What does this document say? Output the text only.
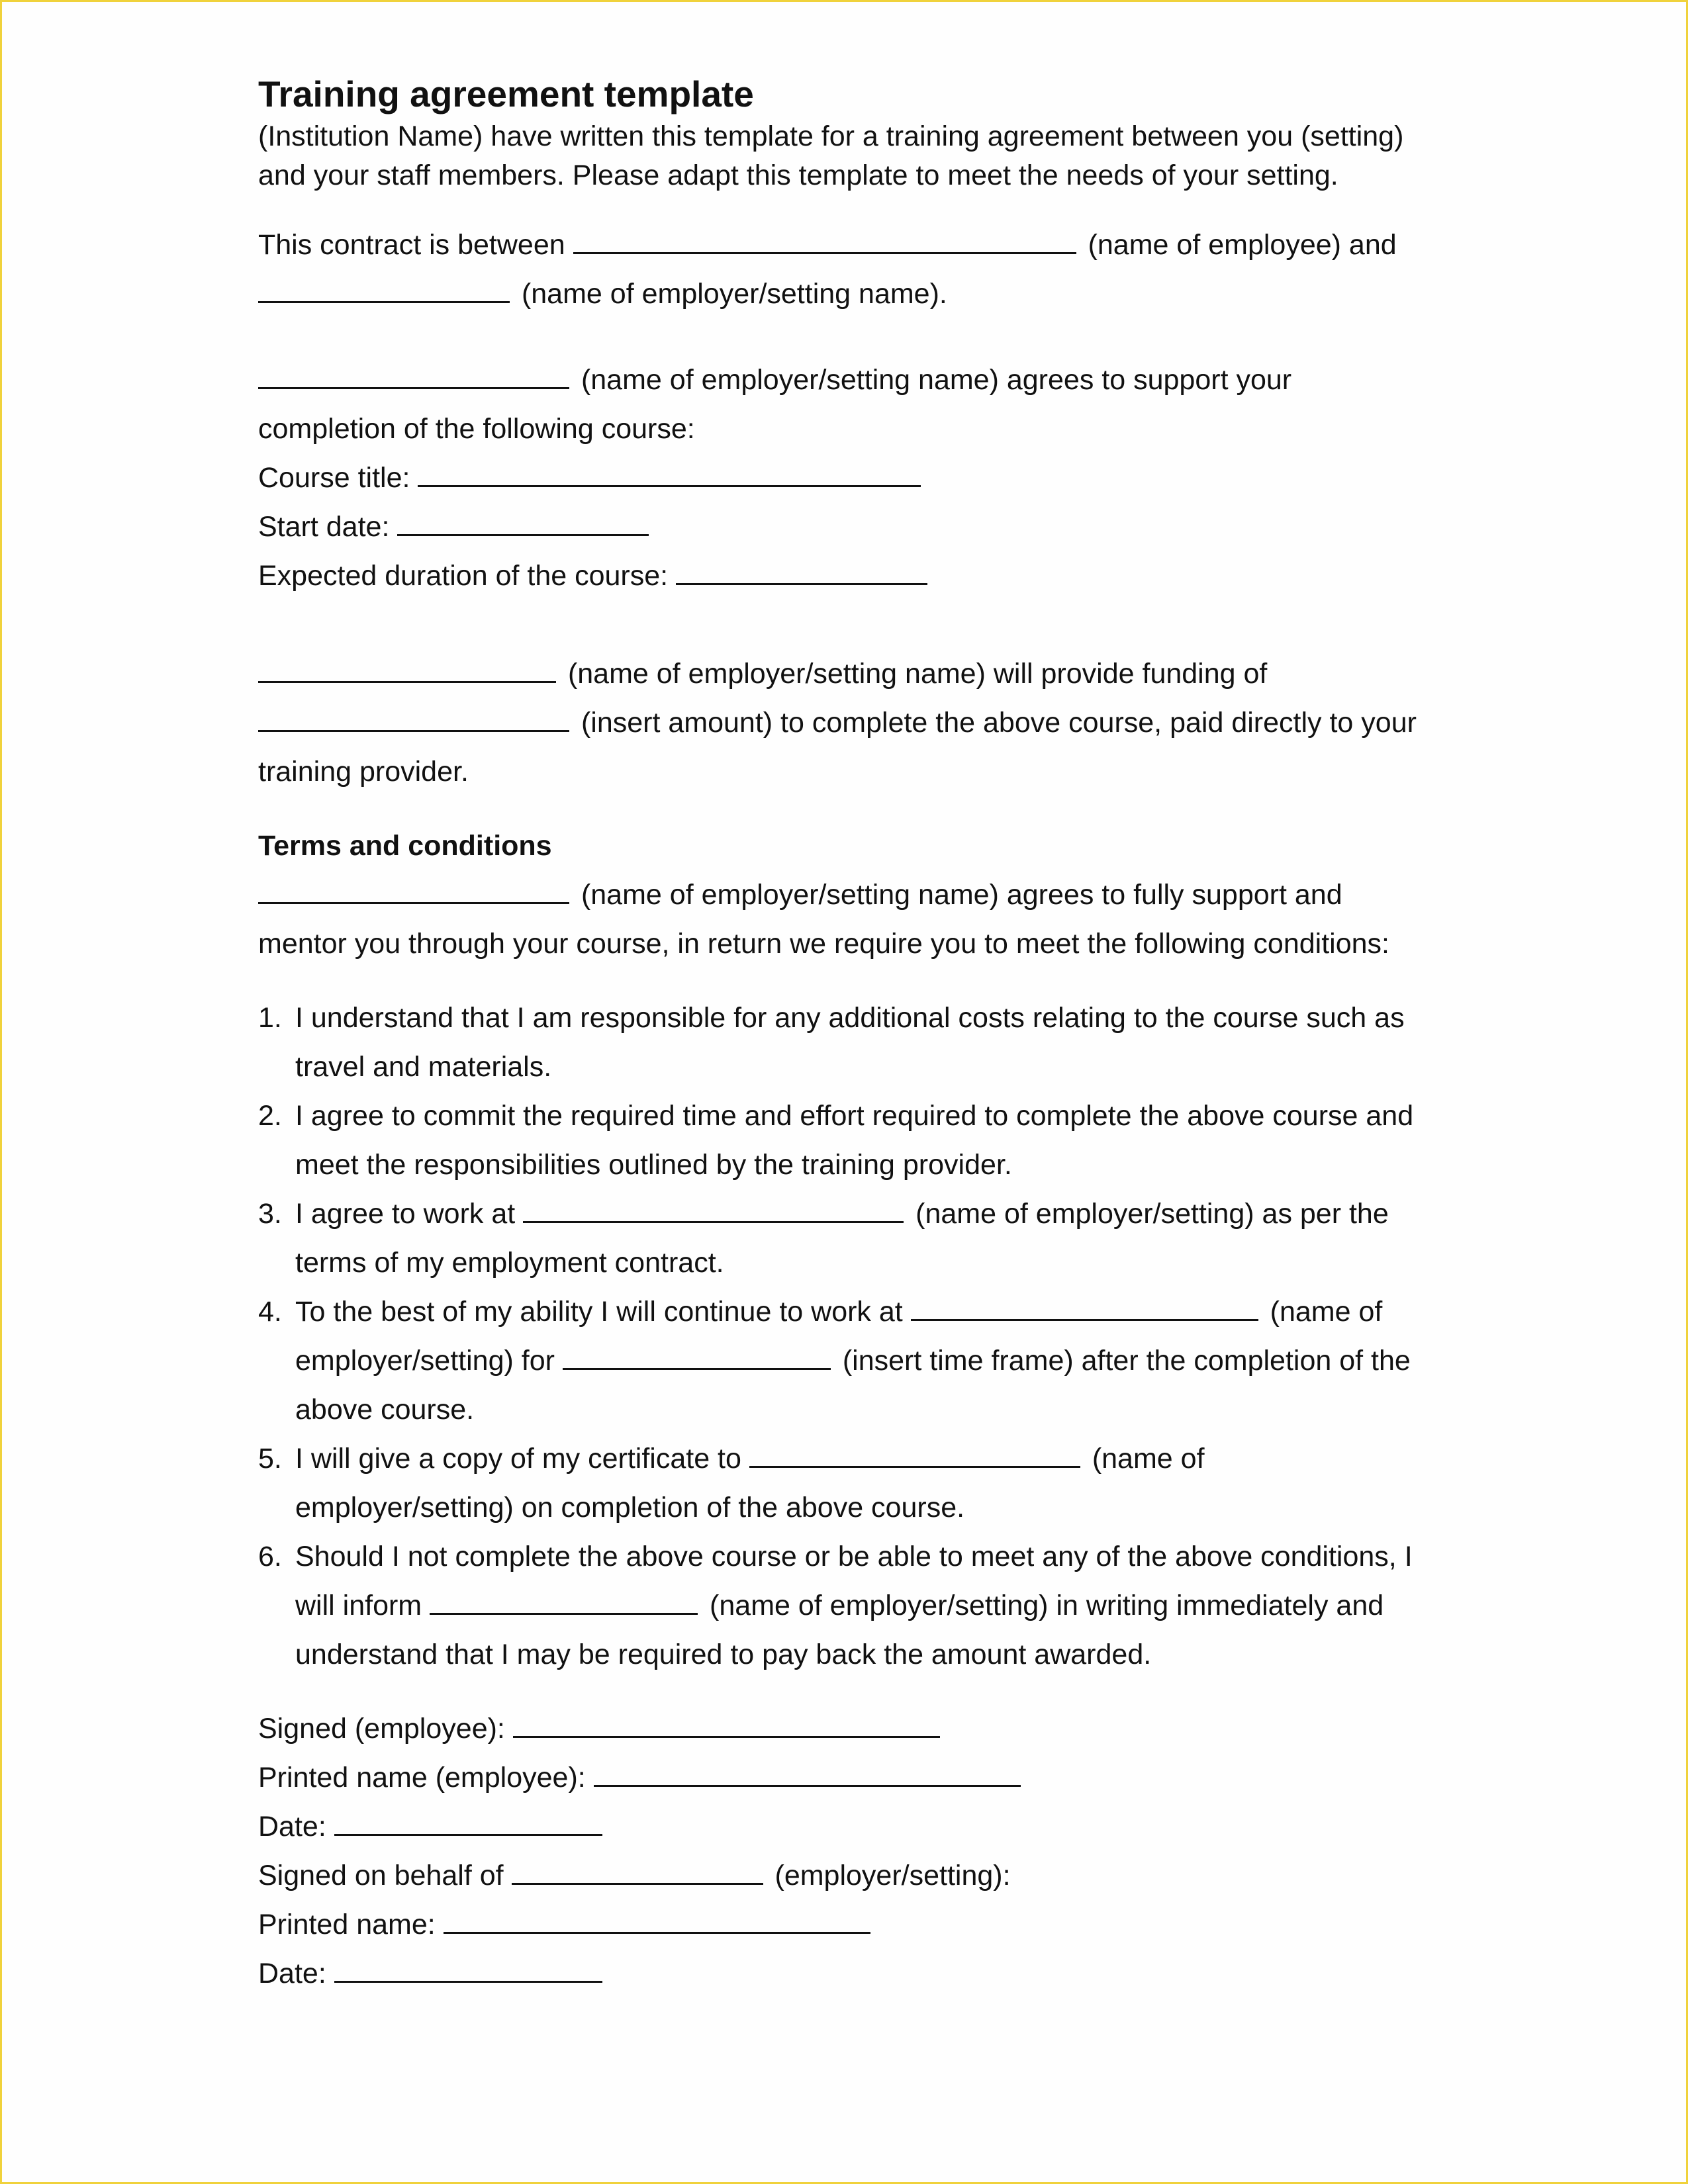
Training agreement template

(Institution Name) have written this template for a training agreement between you (setting)

and your staff members. Please adapt this template to meet the needs of your setting.

This contract is between	(name of employee) and
(name of employer/setting name).
(name of employer/setting name) agrees to support your
completion of the following course:
Course title:
Start date:
Expected duration of the course:
(name of employer/setting name) will provide funding of
(insert amount) to complete the above course, paid directly to your
training provider.
Terms and conditions
(name of employer/setting name) agrees to fully support and
mentor you through your course, in return we require you to meet the following conditions:
1. I understand that I am responsible for any additional costs relating to the course such as
travel and materials.
2. I agree to commit the required time and effort required to complete the above course and
meet the responsibilities outlined by the training provider.
3. I agree to work at	(name of employer/setting) as per the
terms of my employment contract.
4. To the best of my ability I will continue to work at	(name of
employer/setting) for	(insert time frame) after the completion of the
above course.
5. I will give a copy of my certificate to	(name of
employer/setting) on completion of the above course.
6. Should I not complete the above course or be able to meet any of the above conditions, I
will inform	(name of employer/setting) in writing immediately and
understand that I may be required to pay back the amount awarded.
Signed (employee):
Printed name (employee):
Date:
Signed on behalf of	(employer/setting):
Printed name:
Date:
